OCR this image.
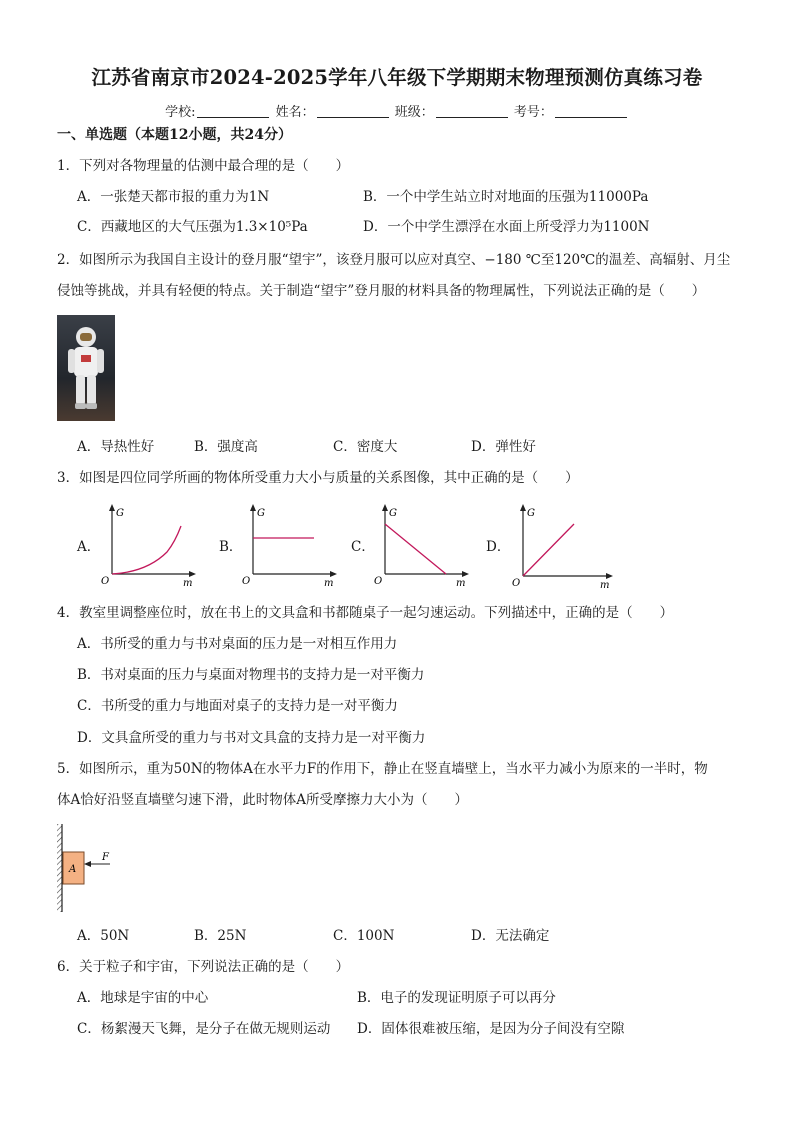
江苏省南京市2024-2025学年八年级下学期期末物理预测仿真练习卷
学校:	姓名：	班级：	考号：
一、单选题（本题12小题，共24分）
1．下列对各物理量的估测中最合理的是（　　）
A．一张楚天都市报的重力为1N	B．一个中学生站立时对地面的压强为11000Pa
C．西藏地区的大气压强为1.3×10⁵Pa	D．一个中学生漂浮在水面上所受浮力为1100N
2．如图所示为我国自主设计的登月服“望宇”，该登月服可以应对真空、−180 ℃至120℃的温差、高辐射、月尘
侵蚀等挑战，并具有轻便的特点。关于制造“望宇”登月服的材料具备的物理属性，下列说法正确的是（　　）
A．导热性好	B．强度高	C．密度大	D．弹性好
3．如图是四位同学所画的物体所受重力大小与质量的关系图像，其中正确的是（　　）
A．
G
O	m
B．
G
O	m
C．
G
O	m
D．
G
O	m
4．教室里调整座位时，放在书上的文具盒和书都随桌子一起匀速运动。下列描述中，正确的是（　　）
A．书所受的重力与书对桌面的压力是一对相互作用力
B．书对桌面的压力与桌面对物理书的支持力是一对平衡力
C．书所受的重力与地面对桌子的支持力是一对平衡力
D．文具盒所受的重力与书对文具盒的支持力是一对平衡力
5．如图所示，重为50N的物体A在水平力F的作用下，静止在竖直墙壁上，当水平力减小为原来的一半时，物
体A恰好沿竖直墙壁匀速下滑，此时物体A所受摩擦力大小为（　　）
A
F
A．50N	B．25N	C．100N	D．无法确定
6．关于粒子和宇宙，下列说法正确的是（　　）
A．地球是宇宙的中心	B．电子的发现证明原子可以再分
C．杨絮漫天飞舞，是分子在做无规则运动 D．固体很难被压缩，是因为分子间没有空隙
